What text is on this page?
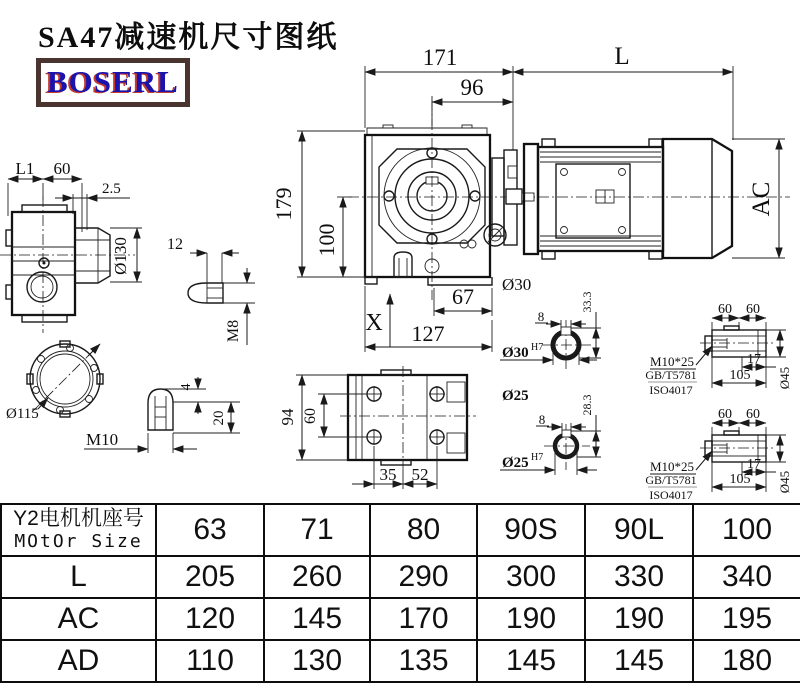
SA47减速机尺寸图纸
BOSERL
171
96
L
179
100
X
67
127
Ø30
AC
L1 60
2.5
Ø130 12
M8
Ø115
M10
4
20	94 60
35 52
8
33.3
Ø30 H7
Ø25
8
28.3
Ø25 H7
60 60
17
105 Ø45
M10*25
GB/T5781
ISO4017
60 60
17
105 Ø45
M10*25
GB/T5781
ISO4017
Y2电机机座号
MOtOr Size	63	71	80	90S	90L	100
L	205	260	290	300	330	340
AC	120	145	170	190	190	195
AD	110	130	135	145	145	180
